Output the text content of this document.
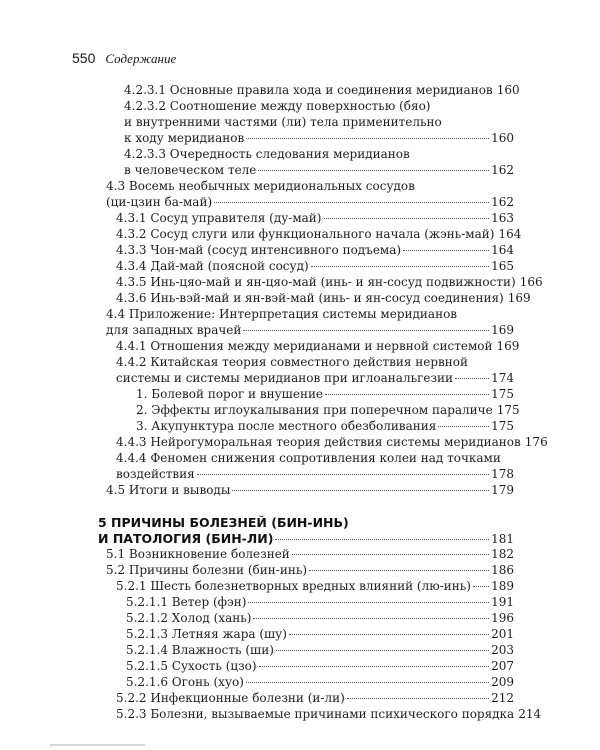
550 Содержание
4.2.3.1 Основные правила хода и соединения меридианов 160
4.2.3.2 Соотношение между поверхностью (бяо)
и внутренними частями (ли) тела применительно
к ходу меридианов	160
4.2.3.3 Очередность следования меридианов
в человеческом теле	162
4.3 Восемь необычных меридиональных сосудов
(ци-цзин ба-май)	162
4.3.1 Сосуд управителя (ду-май)	163
4.3.2 Сосуд слуги или функционального начала (жэнь-май) 164
4.3.3 Чон-май (сосуд интенсивного подъема)	164
4.3.4 Дай-май (поясной сосуд)	165
4.3.5 Инь-цяо-май и ян-цяо-май (инь- и ян-сосуд подвижности) 166
4.3.6 Инь-вэй-май и ян-вэй-май (инь- и ян-сосуд соединения) 169
4.4 Приложение: Интерпретация системы меридианов
для западных врачей	169
4.4.1 Отношения между меридианами и нервной системой 169
4.4.2 Китайская теория совместного действия нервной
системы и системы меридианов при иглоанальгезии	174
1. Болевой порог и внушение	175
2. Эффекты иглоукалывания при поперечном параличе 175
3. Акупунктура после местного обезболивания	175
4.4.3 Нейрогуморальная теория действия системы меридианов 176
4.4.4 Феномен снижения сопротивления колеи над точками
воздействия	178
4.5 Итоги и выводы	179
5 ПРИЧИНЫ БОЛЕЗНЕЙ (БИН-ИНЬ)
И ПАТОЛОГИЯ (БИН-ЛИ)	181
5.1 Возникновение болезней	182
5.2 Причины болезни (бин-инь)	186
5.2.1 Шесть болезнетворных вредных влияний (лю-инь) 189
5.2.1.1 Ветер (фэн)	191
5.2.1.2 Холод (хань)	196
5.2.1.3 Летняя жара (шу)	201
5.2.1.4 Влажность (ши)	203
5.2.1.5 Сухость (цзо)	207
5.2.1.6 Огонь (хуо)	209
5.2.2 Инфекционные болезни (и-ли)	212
5.2.3 Болезни, вызываемые причинами психического порядка 214
